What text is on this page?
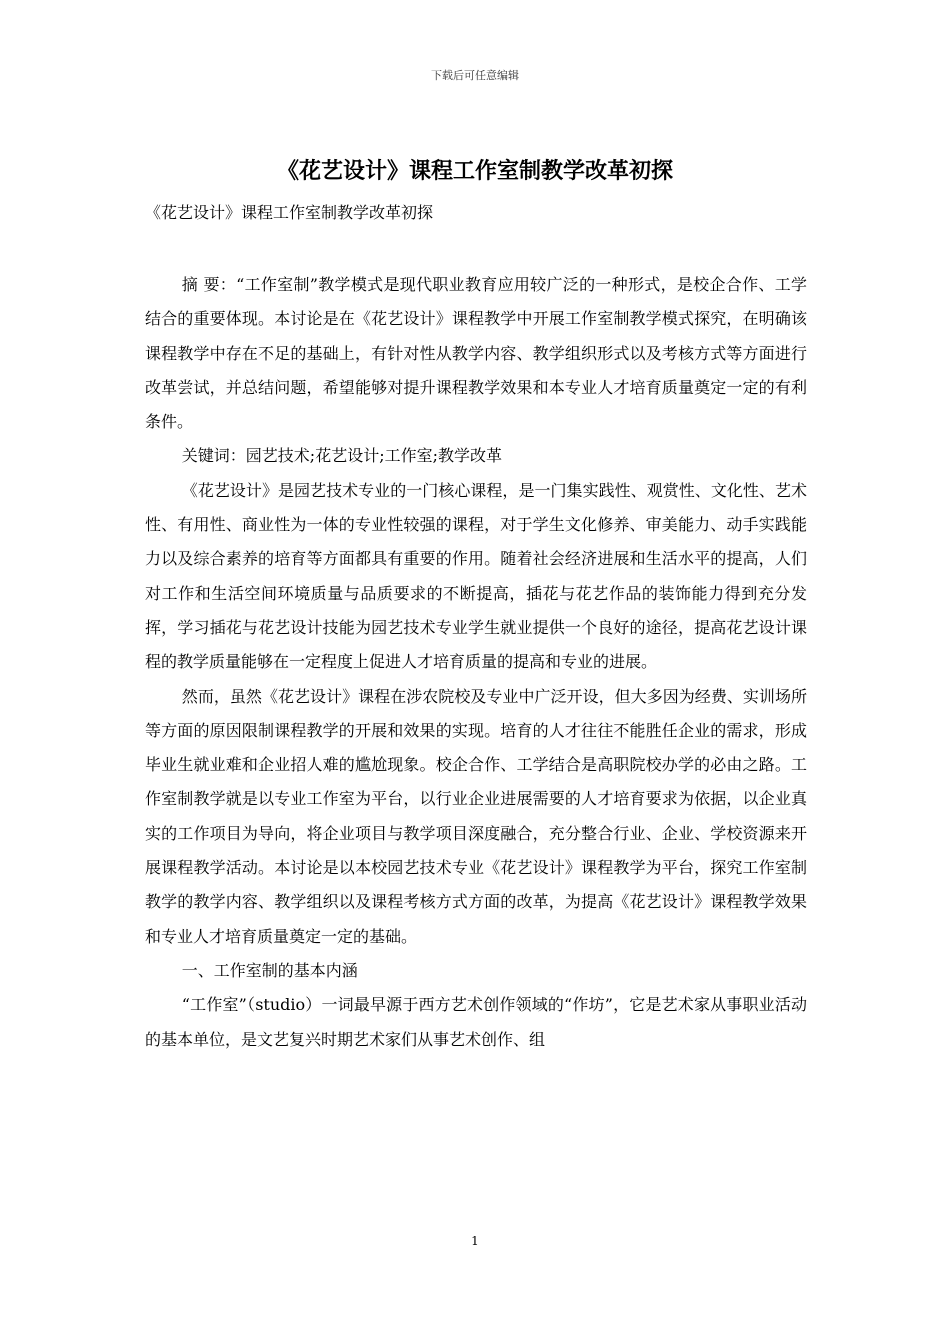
下载后可任意编辑
《花艺设计》课程工作室制教学改革初探
《花艺设计》课程工作室制教学改革初探

摘 要：“工作室制”教学模式是现代职业教育应用较广泛的一种形式，是校企合作、工学结合的重要体现。本讨论是在《花艺设计》课程教学中开展工作室制教学模式探究，在明确该课程教学中存在不足的基础上，有针对性从教学内容、教学组织形式以及考核方式等方面进行改革尝试，并总结问题，希望能够对提升课程教学效果和本专业人才培育质量奠定一定的有利条件。

关键词：园艺技术;花艺设计;工作室;教学改革

《花艺设计》是园艺技术专业的一门核心课程，是一门集实践性、观赏性、文化性、艺术性、有用性、商业性为一体的专业性较强的课程，对于学生文化修养、审美能力、动手实践能力以及综合素养的培育等方面都具有重要的作用。随着社会经济进展和生活水平的提高，人们对工作和生活空间环境质量与品质要求的不断提高，插花与花艺作品的装饰能力得到充分发挥，学习插花与花艺设计技能为园艺技术专业学生就业提供一个良好的途径，提高花艺设计课程的教学质量能够在一定程度上促进人才培育质量的提高和专业的进展。

然而，虽然《花艺设计》课程在涉农院校及专业中广泛开设，但大多因为经费、实训场所等方面的原因限制课程教学的开展和效果的实现。培育的人才往往不能胜任企业的需求，形成毕业生就业难和企业招人难的尴尬现象。校企合作、工学结合是高职院校办学的必由之路。工作室制教学就是以专业工作室为平台，以行业企业进展需要的人才培育要求为依据，以企业真实的工作项目为导向，将企业项目与教学项目深度融合，充分整合行业、企业、学校资源来开展课程教学活动。本讨论是以本校园艺技术专业《花艺设计》课程教学为平台，探究工作室制教学的教学内容、教学组织以及课程考核方式方面的改革，为提高《花艺设计》课程教学效果和专业人才培育质量奠定一定的基础。

一、工作室制的基本内涵

“工作室”（studio）一词最早源于西方艺术创作领域的“作坊”，它是艺术家从事职业活动的基本单位，是文艺复兴时期艺术家们从事艺术创作、组

1
